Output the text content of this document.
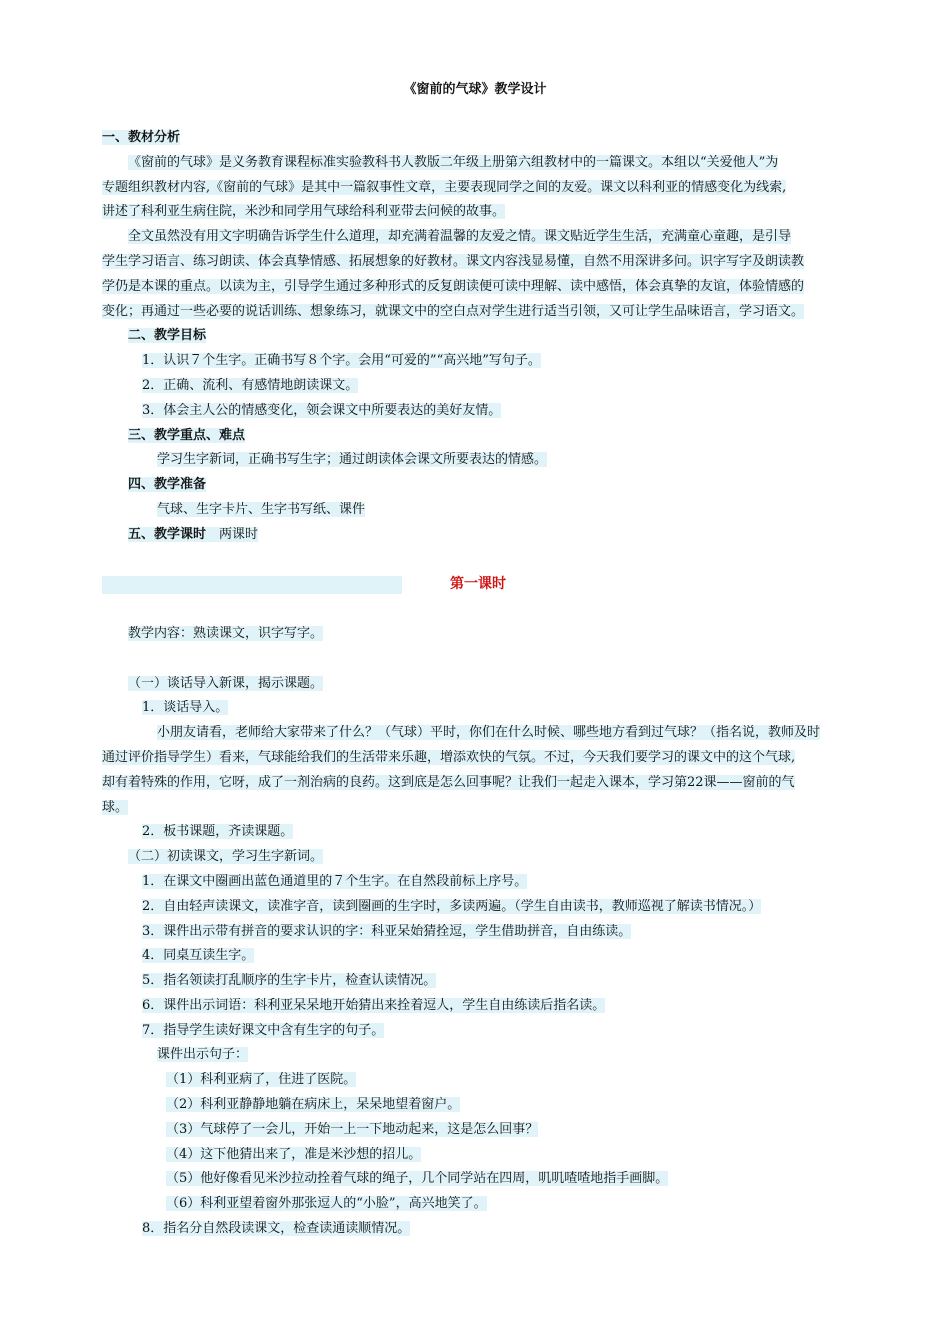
《窗前的气球》教学设计
一、教材分析
《窗前的气球》是义务教育课程标准实验教科书人教版二年级上册第六组教材中的一篇课文。本组以“关爱他人”为
专题组织教材内容,《窗前的气球》是其中一篇叙事性文章，主要表现同学之间的友爱。课文以科利亚的情感变化为线索,
讲述了科利亚生病住院，米沙和同学用气球给科利亚带去问候的故事。
全文虽然没有用文字明确告诉学生什么道理，却充满着温馨的友爱之情。课文贴近学生生活，充满童心童趣，是引导
学生学习语言、练习朗读、体会真挚情感、拓展想象的好教材。课文内容浅显易懂，自然不用深讲多问。识字写字及朗读教
学仍是本课的重点。以读为主，引导学生通过多种形式的反复朗读便可读中理解、读中感悟，体会真挚的友谊，体验情感的
变化；再通过一些必要的说话训练、想象练习，就课文中的空白点对学生进行适当引领，又可让学生品味语言，学习语文。
二、教学目标
1．认识７个生字。正确书写８个字。会用“可爱的”“高兴地”写句子。
2．正确、流利、有感情地朗读课文。
3．体会主人公的情感变化，领会课文中所要表达的美好友情。
三、教学重点、难点
学习生字新词，正确书写生字；通过朗读体会课文所要表达的情感。
四、教学准备
气球、生字卡片、生字书写纸、课件
五、教学课时　 两课时
第一课时
教学内容：熟读课文，识字写字。
（一）谈话导入新课，揭示课题。
1．谈话导入。
小朋友请看，老师给大家带来了什么？（气球）平时，你们在什么时候、哪些地方看到过气球？（指名说，教师及时
通过评价指导学生）看来，气球能给我们的生活带来乐趣，增添欢快的气氛。不过，今天我们要学习的课文中的这个气球,
却有着特殊的作用，它呀，成了一剂治病的良药。这到底是怎么回事呢？让我们一起走入课本，学习第22课——窗前的气
球。
2．板书课题，齐读课题。
（二）初读课文，学习生字新词。
1．在课文中圈画出蓝色通道里的７个生字。在自然段前标上序号。
2．自由轻声读课文，读准字音，读到圈画的生字时，多读两遍。（学生自由读书，教师巡视了解读书情况。）
3．课件出示带有拼音的要求认识的字：科亚呆始猜拴逗，学生借助拼音，自由练读。
4．同桌互读生字。
5．指名领读打乱顺序的生字卡片，检查认读情况。
6．课件出示词语：科利亚呆呆地开始猜出来拴着逗人，学生自由练读后指名读。
7．指导学生读好课文中含有生字的句子。
课件出示句子：
（1）科利亚病了，住进了医院。
（2）科利亚静静地躺在病床上，呆呆地望着窗户。
（3）气球停了一会儿，开始一上一下地动起来，这是怎么回事？
（4）这下他猜出来了，准是米沙想的招儿。
（5）他好像看见米沙拉动拴着气球的绳子，几个同学站在四周，叽叽喳喳地指手画脚。
（6）科利亚望着窗外那张逗人的“小脸”，高兴地笑了。
8．指名分自然段读课文，检查读通读顺情况。
